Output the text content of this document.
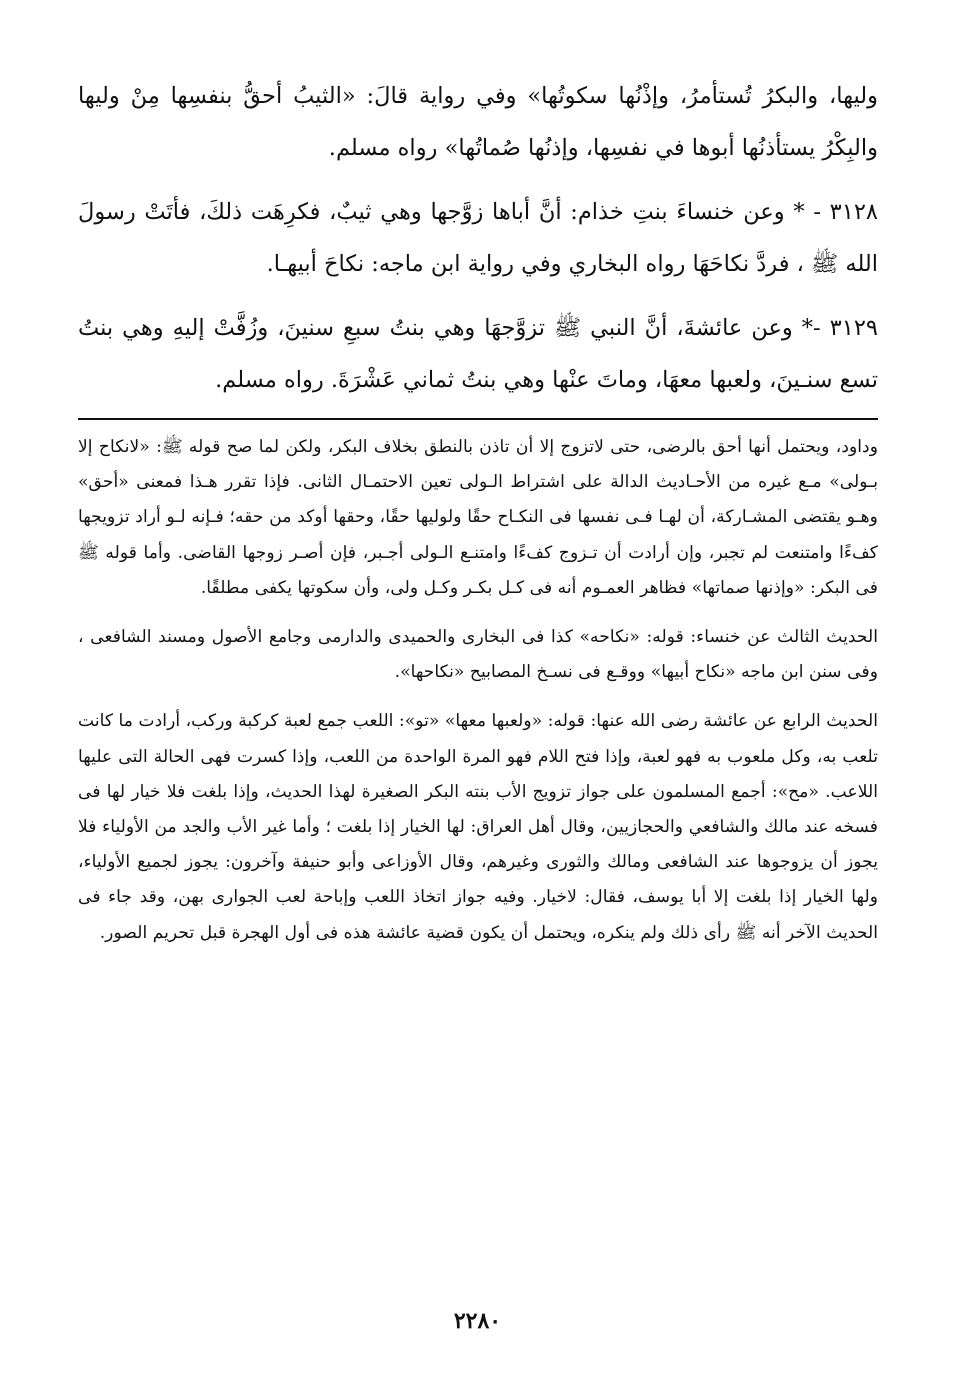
وليها، والبكرُ تُستأمرُ، وإذْنُها سكوتُها» وفي رواية قالَ: «الثيبُ أحقُّ بنفسِها مِنْ وليها والبِكْرُ يستأذنُها أبوها في نفسِها، وإذنُها صُماتُها» رواه مسلم.

٣١٢٨ - * وعن خنساءَ بنتِ خذام: أنَّ أباها زوَّجها وهي ثيبٌ، فكرِهَت ذلكَ، فأتَتْ رسولَ الله ﷺ ، فردَّ نكاحَهَا رواه البخاري وفي رواية ابن ماجه: نكاحَ أبيهـا.

٣١٢٩ -* وعن عائشةَ، أنَّ النبي ﷺ تزوَّجهَا وهي بنتُ سبعِ سنينَ، وزُفَّتْ إليهِ وهي بنتُ تسع سنـينَ، ولعبها معهَا، وماتَ عنْها وهي بنتُ ثماني عَشْرَةَ. رواه مسلم.

وداود، ويحتمل أنها أحق بالرضى، حتى لاتزوج إلا أن تاذن بالنطق بخلاف البكر، ولكن لما صح قوله ﷺ: «لانكاح إلا بـولى» مـع غيره من الأحـاديث الدالة على اشتراط الـولى تعين الاحتمـال الثانى. فإذا تقرر هـذا فمعنى «أحق» وهـو يقتضى المشـاركة، أن لهـا فـى نفسها فى النكـاح حقًا ولوليها حقًا، وحقها أوكد من حقه؛ فـإنه لـو أراد تزويجها كفءًا وامتنعت لم تجبر، وإن أرادت أن تـزوج كفءًا وامتنـع الـولى أجـبر، فإن أصـر زوجها القاضى. وأما قوله ﷺ فى البكر: «وإذنها صماتها» فظاهر العمـوم أنه فى كـل بكـر وكـل ولى، وأن سكوتها يكفى مطلقًا.

الحديث الثالث عن خنساء: قوله: «نكاحه» كذا فى البخارى والحميدى والدارمى وجامع الأصول ومسند الشافعى ، وفى سنن ابن ماجه «نكاح أبيها» ووقـع فى نسـخ المصابيح «نكاحها».

الحديث الرابع عن عائشة رضى الله عنها: قوله: «ولعبها معها» «تو»: اللعب جمع لعبة كركبة وركب، أرادت ما كانت تلعب به، وكل ملعوب به فهو لعبة، وإذا فتح اللام فهو المرة الواحدة من اللعب، وإذا كسرت فهى الحالة التى عليها اللاعب. «مح»: أجمع المسلمون على جواز تزويج الأب بنته البكر الصغيرة لهذا الحديث، وإذا بلغت فلا خيار لها فى فسخه عند مالك والشافعي والحجازيين، وقال أهل العراق: لها الخيار إذا بلغت ؛ وأما غير الأب والجد من الأولياء فلا يجوز أن يزوجوها عند الشافعى ومالك والثورى وغيرهم، وقال الأوزاعى وأبو حنيفة وآخرون: يجوز لجميع الأولياء، ولها الخيار إذا بلغت إلا أبا يوسف، فقال: لاخيار. وفيه جواز اتخاذ اللعب وإباحة لعب الجوارى بهن، وقد جاء فى الحديث الآخر أنه ﷺ رأى ذلك ولم ينكره، ويحتمل أن يكون قضية عائشة هذه فى أول الهجرة قبل تحريم الصور.

٢٢٨٠
